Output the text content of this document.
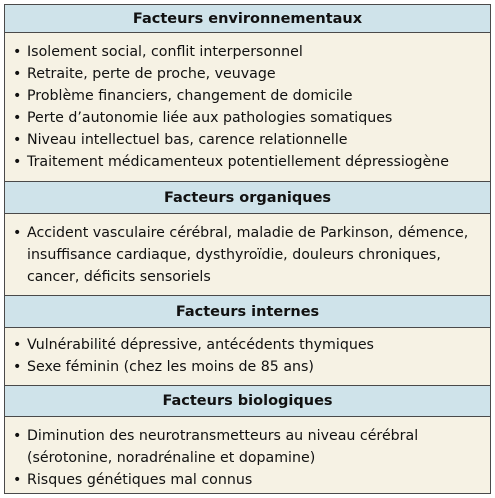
Facteurs environnementaux
• Isolement social, conflit interpersonnel
• Retraite, perte de proche, veuvage
• Problème financiers, changement de domicile
• Perte d’autonomie liée aux pathologies somatiques
• Niveau intellectuel bas, carence relationnelle
• Traitement médicamenteux potentiellement dépressiogène
Facteurs organiques
• Accident vasculaire cérébral, maladie de Parkinson, démence,
insuffisance cardiaque, dysthyroïdie, douleurs chroniques,
cancer, déficits sensoriels
Facteurs internes
• Vulnérabilité dépressive, antécédents thymiques
• Sexe féminin (chez les moins de 85 ans)
Facteurs biologiques
• Diminution des neurotransmetteurs au niveau cérébral
(sérotonine, noradrénaline et dopamine)
• Risques génétiques mal connus
